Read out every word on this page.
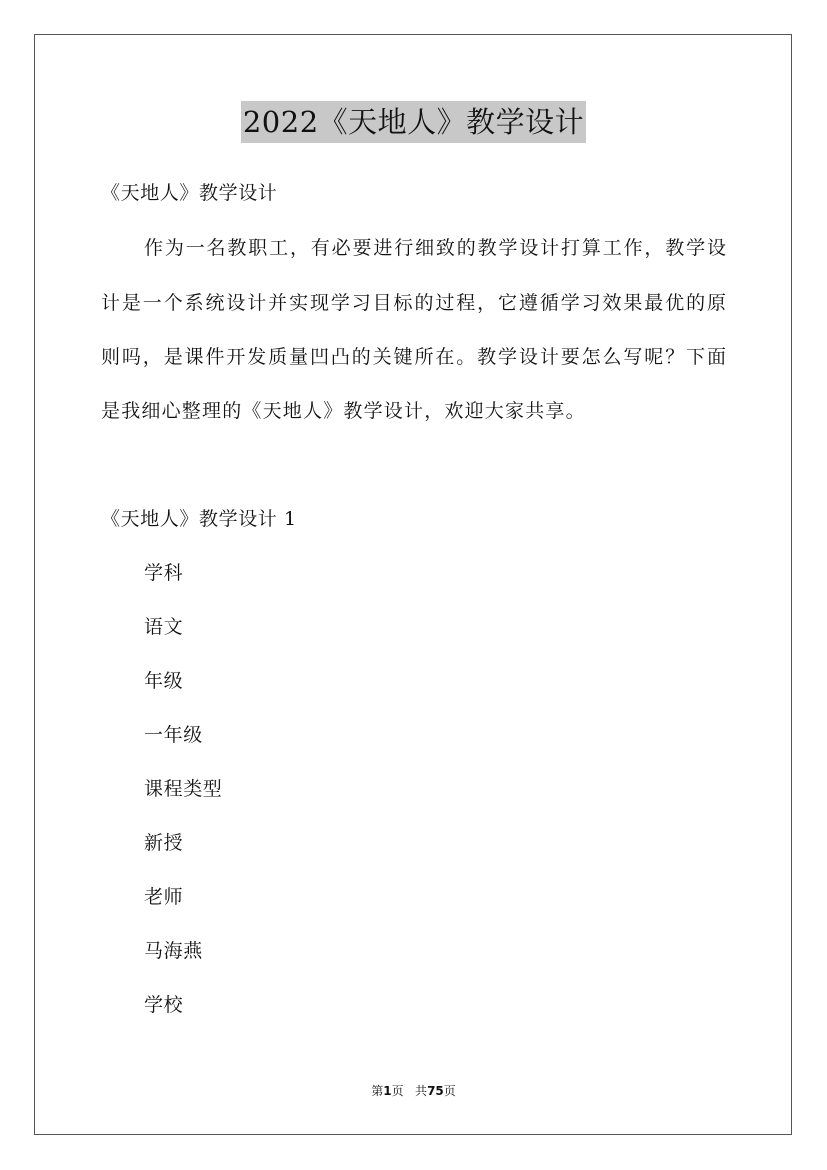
2022《天地人》教学设计
《天地人》教学设计
作为一名教职工，有必要进行细致的教学设计打算工作，教学设
计是一个系统设计并实现学习目标的过程，它遵循学习效果最优的原
则吗，是课件开发质量凹凸的关键所在。教学设计要怎么写呢？下面
是我细心整理的《天地人》教学设计，欢迎大家共享。
《天地人》教学设计 1
学科
语文
年级
一年级
课程类型
新授
老师
马海燕
学校
第1页 共75页
